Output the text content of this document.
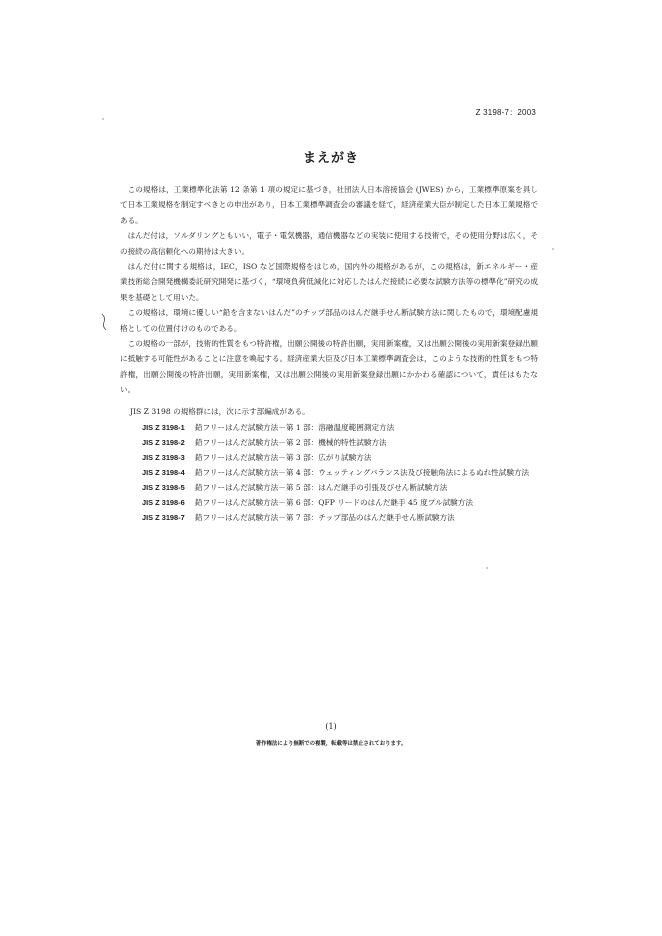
Z 3198-7：2003
まえがき

この規格は，工業標準化法第 12 条第 1 項の規定に基づき，社団法人日本溶接協会 (JWES) から，工業標準原案を具して日本工業規格を制定すべきとの申出があり，日本工業標準調査会の審議を経て，経済産業大臣が制定した日本工業規格である。

はんだ付は，ソルダリングともいい，電子・電気機器，通信機器などの実装に使用する技術で，その使用分野は広く，その接続の高信頼化への期待は大きい。

はんだ付に関する規格は，IEC，ISO など国際規格をはじめ，国内外の規格があるが，この規格は，新エネルギー・産業技術総合開発機構委託研究開発に基づく，“環境負荷低減化に対応したはんだ接続に必要な試験方法等の標準化”研究の成果を基礎として用いた。

この規格は，環境に優しい“鉛を含まないはんだ”のチップ部品のはんだ継手せん断試験方法に関したもので，環境配慮規格としての位置付けのものである。

この規格の一部が，技術的性質をもつ特許権，出願公開後の特許出願，実用新案権，又は出願公開後の実用新案登録出願に抵触する可能性があることに注意を喚起する。経済産業大臣及び日本工業標準調査会は，このような技術的性質をもつ特許権，出願公開後の特許出願，実用新案権，又は出願公開後の実用新案登録出願にかかわる確認について，責任はもたない。

JIS Z 3198 の規格群には，次に示す部編成がある。

JIS Z 3198-1	鉛フリーはんだ試験方法－第 1 部：溶融温度範囲測定方法
JIS Z 3198-2	鉛フリーはんだ試験方法－第 2 部：機械的特性試験方法
JIS Z 3198-3	鉛フリーはんだ試験方法－第 3 部：広がり試験方法
JIS Z 3198-4	鉛フリーはんだ試験方法－第 4 部：ウェッティングバランス法及び接触角法によるぬれ性試験方法
JIS Z 3198-5	鉛フリーはんだ試験方法－第 5 部：はんだ継手の引張及びせん断試験方法
JIS Z 3198-6	鉛フリーはんだ試験方法－第 6 部：QFP リードのはんだ継手 45 度プル試験方法
JIS Z 3198-7	鉛フリーはんだ試験方法－第 7 部：チップ部品のはんだ継手せん断試験方法
(1)
著作権法により無断での複製，転載等は禁止されております。
